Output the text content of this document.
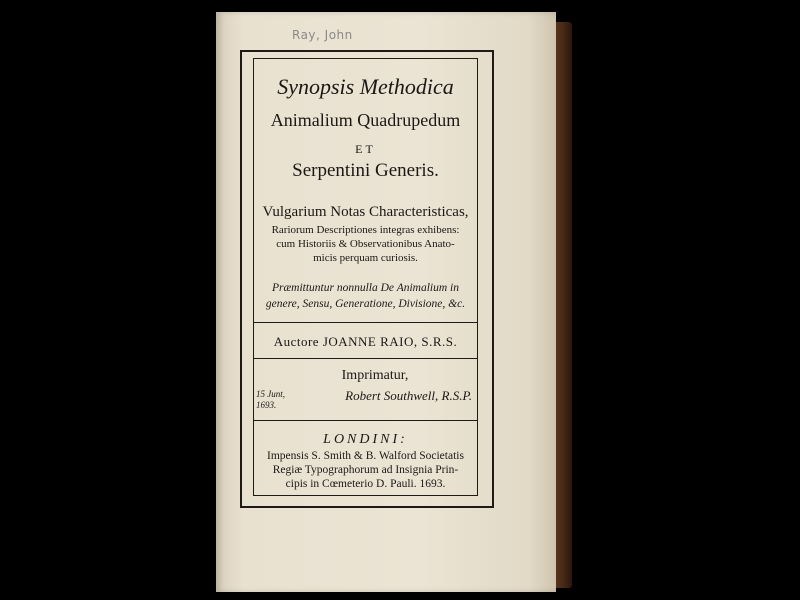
Ray, John
Synopsis Methodica
Animalium Quadrupedum
ET
Serpentini Generis.
Vulgarium Notas Characteristicas,
Rariorum Descriptiones integras exhibens:
cum Historiis & Observationibus Anato-
micis perquam curiosis.
Præmittuntur nonnulla De Animalium in
genere, Sensu, Generatione, Divisione, &c.
Auctore JOANNE RAIO, S.R.S.
Imprimatur,
15 Junt,
1693.
Robert Southwell, R.S.P.
LONDINI:
Impensis S. Smith & B. Walford Societatis
Regiæ Typographorum ad Insignia Prin-
cipis in Cœmeterio D. Pauli. 1693.
